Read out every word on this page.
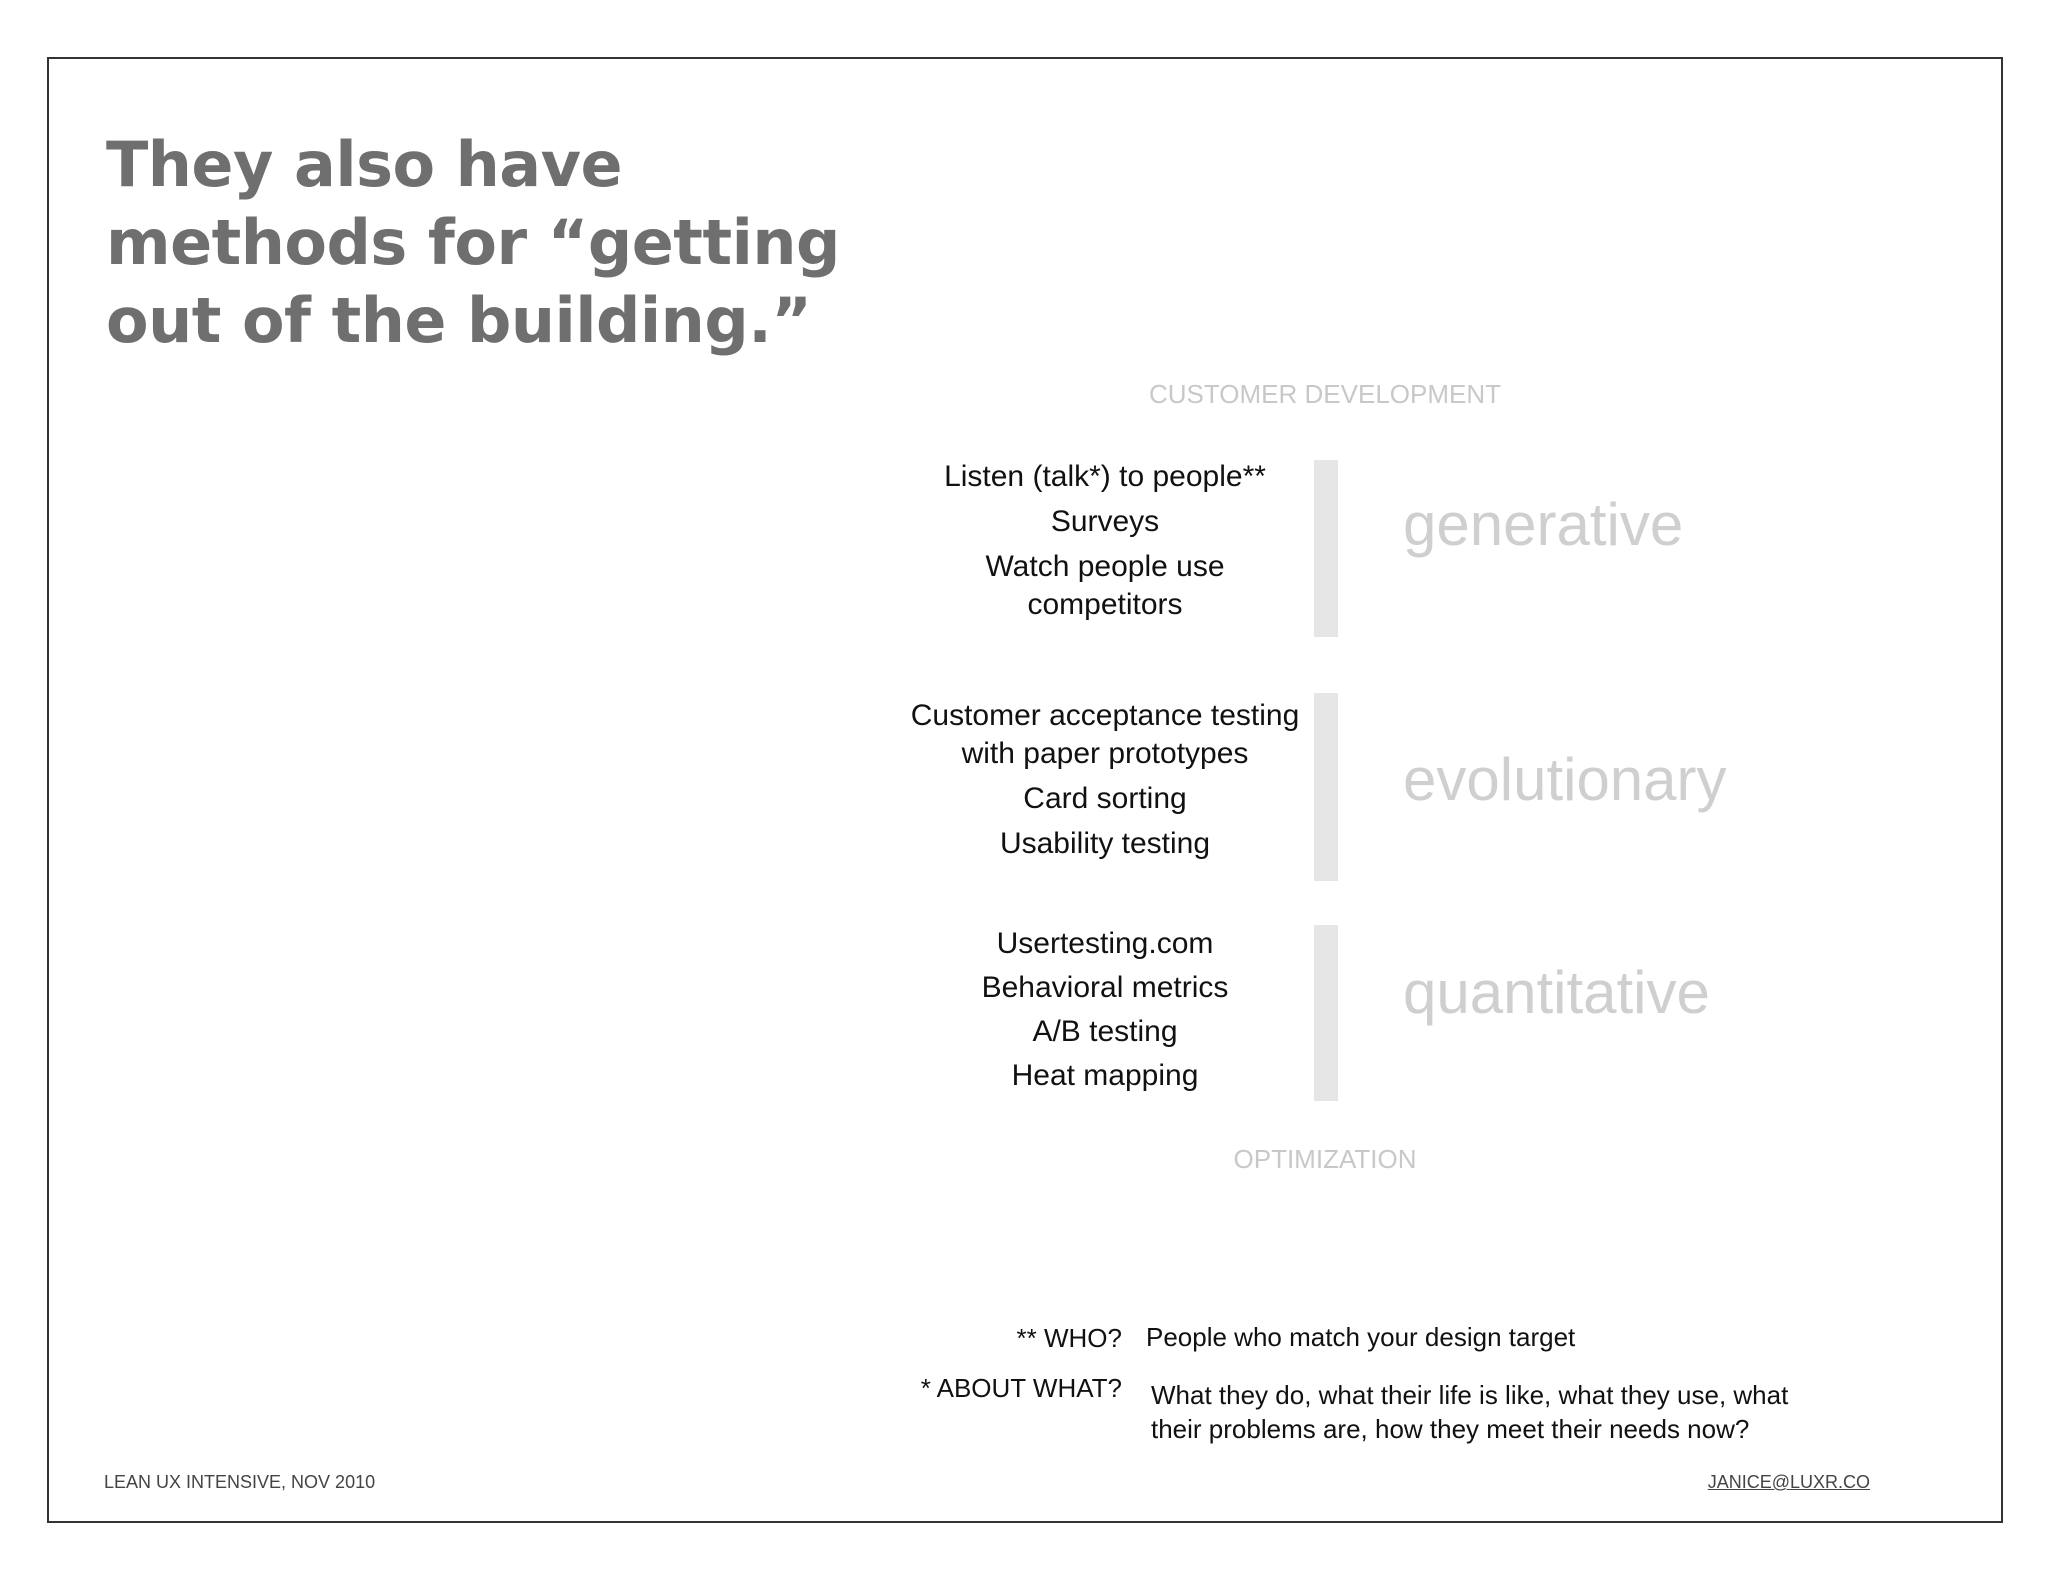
They also have
methods for “getting
out of the building.”
CUSTOMER DEVELOPMENT
Listen (talk*) to people**
Surveys
Watch people use competitors
generative
Customer acceptance testing with paper prototypes
Card sorting
Usability testing
evolutionary
Usertesting.com
Behavioral metrics
A/B testing
Heat mapping
quantitative
OPTIMIZATION
** WHO? People who match your design target
* ABOUT WHAT? What they do, what their life is like, what they use, what their problems are, how they meet their needs now?
LEAN UX INTENSIVE, NOV 2010	JANICE@LUXR.CO
